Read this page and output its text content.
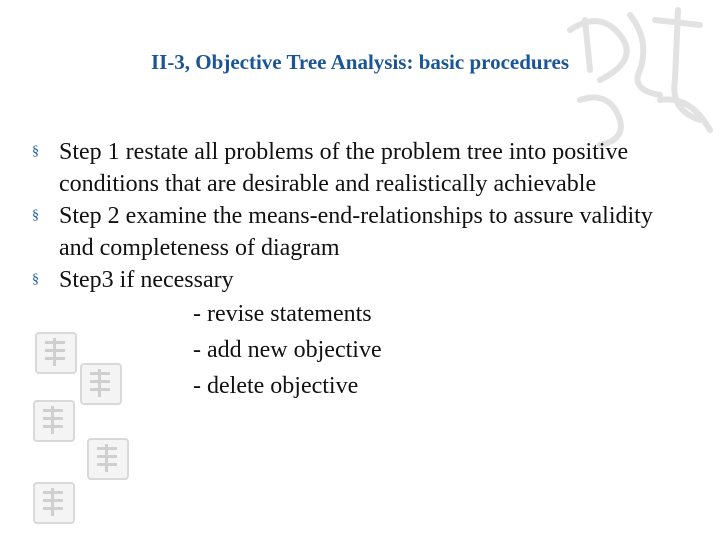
II-3, Objective Tree Analysis: basic procedures
§ Step 1 restate all problems of the problem tree into positive conditions that are desirable and realistically achievable
§ Step 2 examine the means-end-relationships to assure validity and completeness of diagram
§ Step3 if necessary
- revise statements
- add new objective
- delete objective
